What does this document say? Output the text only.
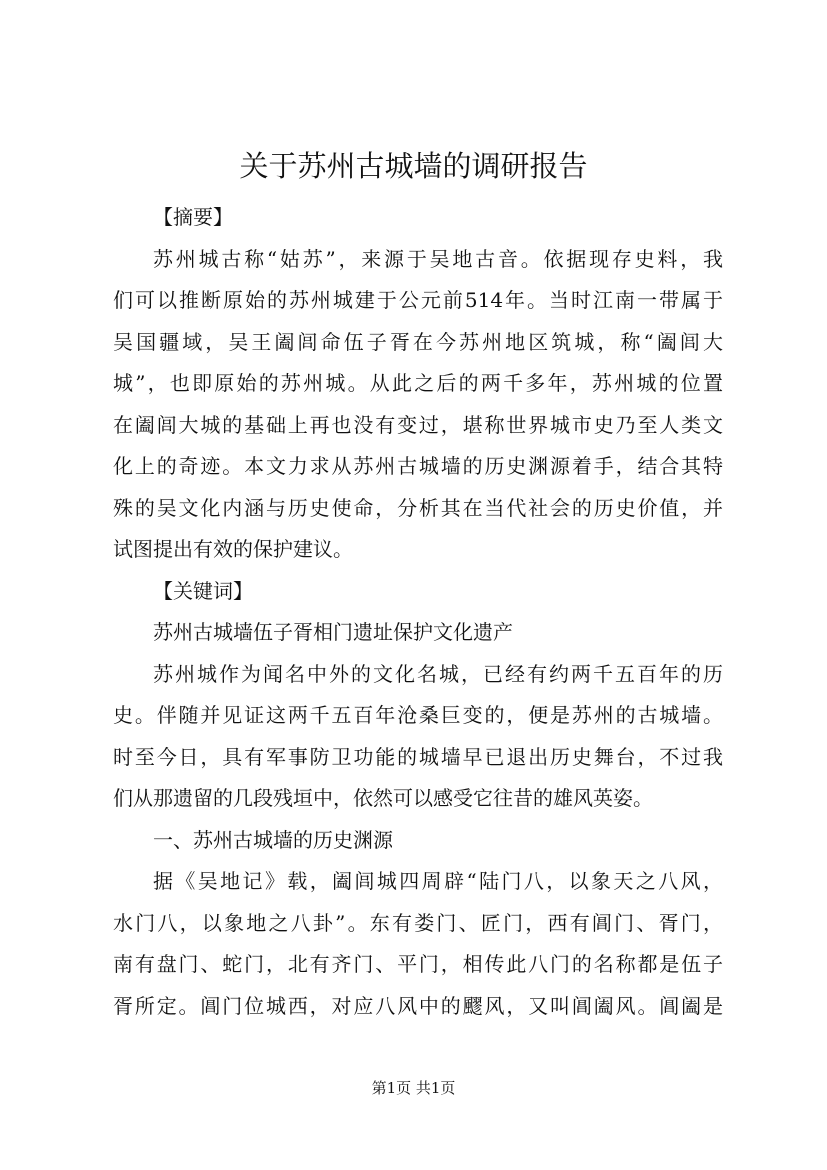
关于苏州古城墙的调研报告
【摘要】
苏州城古称“姑苏”，来源于吴地古音。依据现存史料，我
们可以推断原始的苏州城建于公元前514年。当时江南一带属于
吴国疆域，吴王阖闾命伍子胥在今苏州地区筑城，称“阖闾大
城”，也即原始的苏州城。从此之后的两千多年，苏州城的位置
在阖闾大城的基础上再也没有变过，堪称世界城市史乃至人类文
化上的奇迹。本文力求从苏州古城墙的历史渊源着手，结合其特
殊的吴文化内涵与历史使命，分析其在当代社会的历史价值，并
试图提出有效的保护建议。
【关键词】
苏州古城墙伍子胥相门遗址保护文化遗产
苏州城作为闻名中外的文化名城，已经有约两千五百年的历
史。伴随并见证这两千五百年沧桑巨变的，便是苏州的古城墙。
时至今日，具有军事防卫功能的城墙早已退出历史舞台，不过我
们从那遗留的几段残垣中，依然可以感受它往昔的雄风英姿。
一、苏州古城墙的历史渊源
据《吴地记》载，阖闾城四周辟“陆门八，以象天之八风，
水门八，以象地之八卦”。东有娄门、匠门，西有阊门、胥门，
南有盘门、蛇门，北有齐门、平门，相传此八门的名称都是伍子
胥所定。阊门位城西，对应八风中的飂风，又叫阊阖风。阊阖是
第1页 共1页
